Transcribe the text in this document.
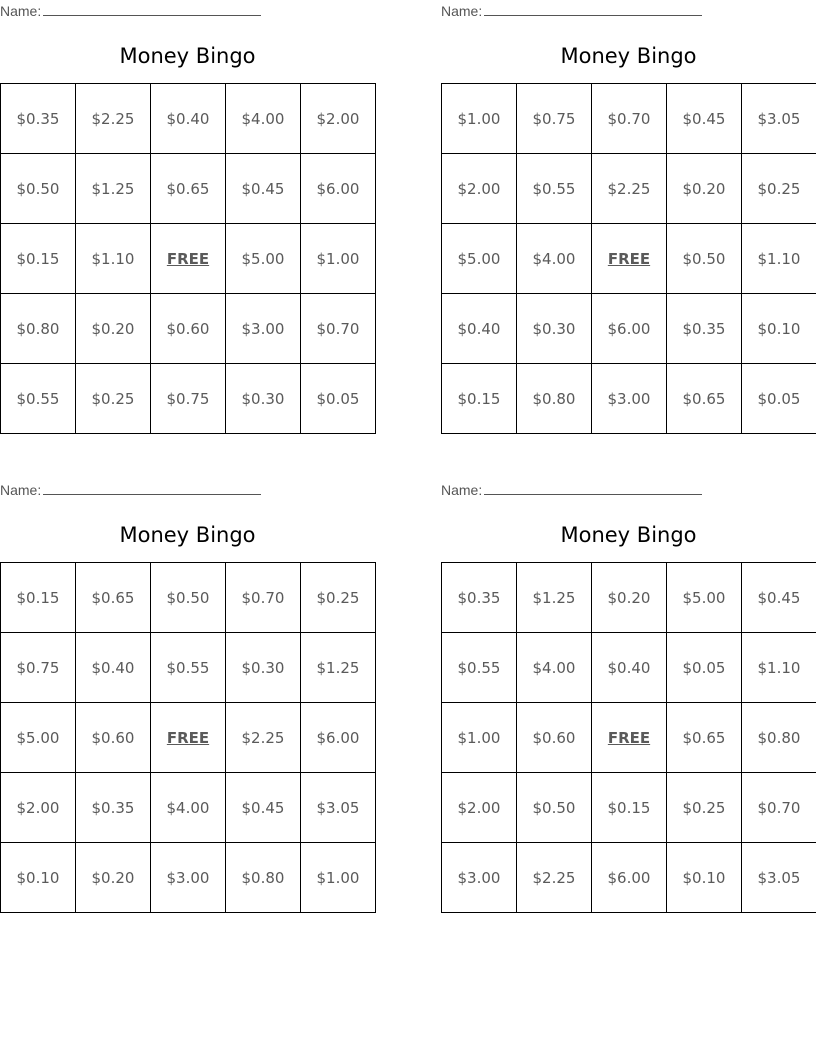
Name:
Money Bingo
$0.35	$2.25	$0.40	$4.00	$2.00
$0.50	$1.25	$0.65	$0.45	$6.00
$0.15	$1.10	FREE	$5.00	$1.00
$0.80	$0.20	$0.60	$3.00	$0.70
$0.55	$0.25	$0.75	$0.30	$0.05
Name:
Money Bingo
$1.00	$0.75	$0.70	$0.45	$3.05
$2.00	$0.55	$2.25	$0.20	$0.25
$5.00	$4.00	FREE	$0.50	$1.10
$0.40	$0.30	$6.00	$0.35	$0.10
$0.15	$0.80	$3.00	$0.65	$0.05
Name:
Money Bingo
$0.15	$0.65	$0.50	$0.70	$0.25
$0.75	$0.40	$0.55	$0.30	$1.25
$5.00	$0.60	FREE	$2.25	$6.00
$2.00	$0.35	$4.00	$0.45	$3.05
$0.10	$0.20	$3.00	$0.80	$1.00
Name:
Money Bingo
$0.35	$1.25	$0.20	$5.00	$0.45
$0.55	$4.00	$0.40	$0.05	$1.10
$1.00	$0.60	FREE	$0.65	$0.80
$2.00	$0.50	$0.15	$0.25	$0.70
$3.00	$2.25	$6.00	$0.10	$3.05
